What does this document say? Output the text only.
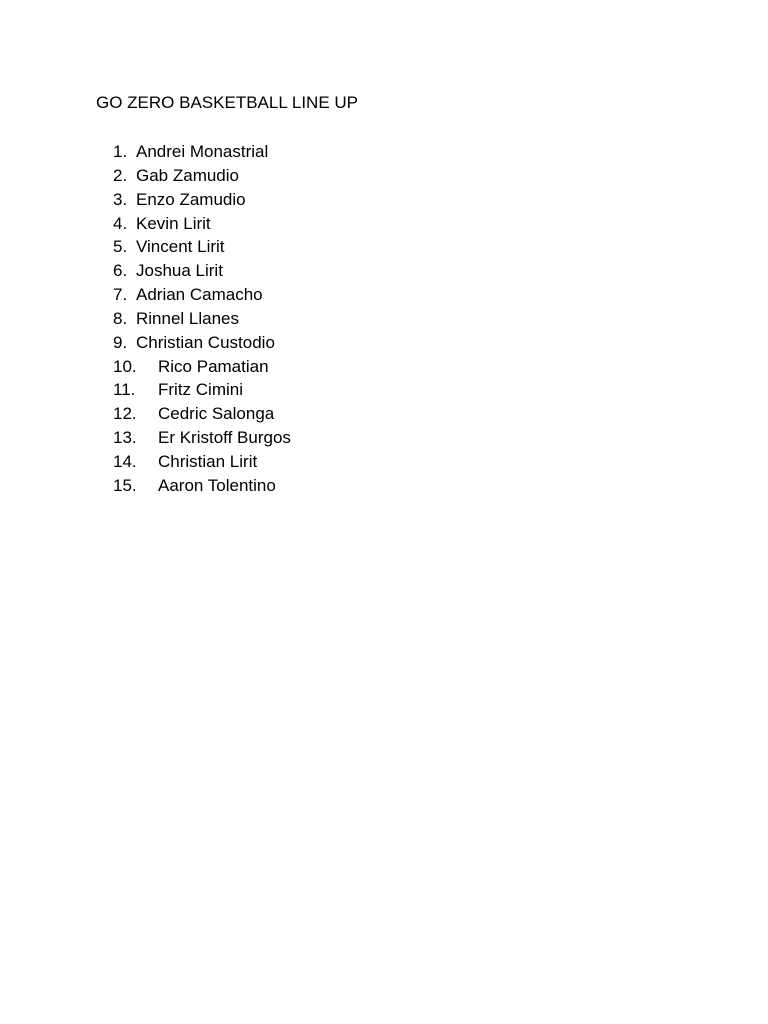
GO ZERO BASKETBALL LINE UP
1. Andrei Monastrial
2. Gab Zamudio
3. Enzo Zamudio
4. Kevin Lirit
5. Vincent Lirit
6. Joshua Lirit
7. Adrian Camacho
8. Rinnel Llanes
9. Christian Custodio
10. Rico Pamatian
11. Fritz Cimini
12. Cedric Salonga
13. Er Kristoff Burgos
14. Christian Lirit
15. Aaron Tolentino
